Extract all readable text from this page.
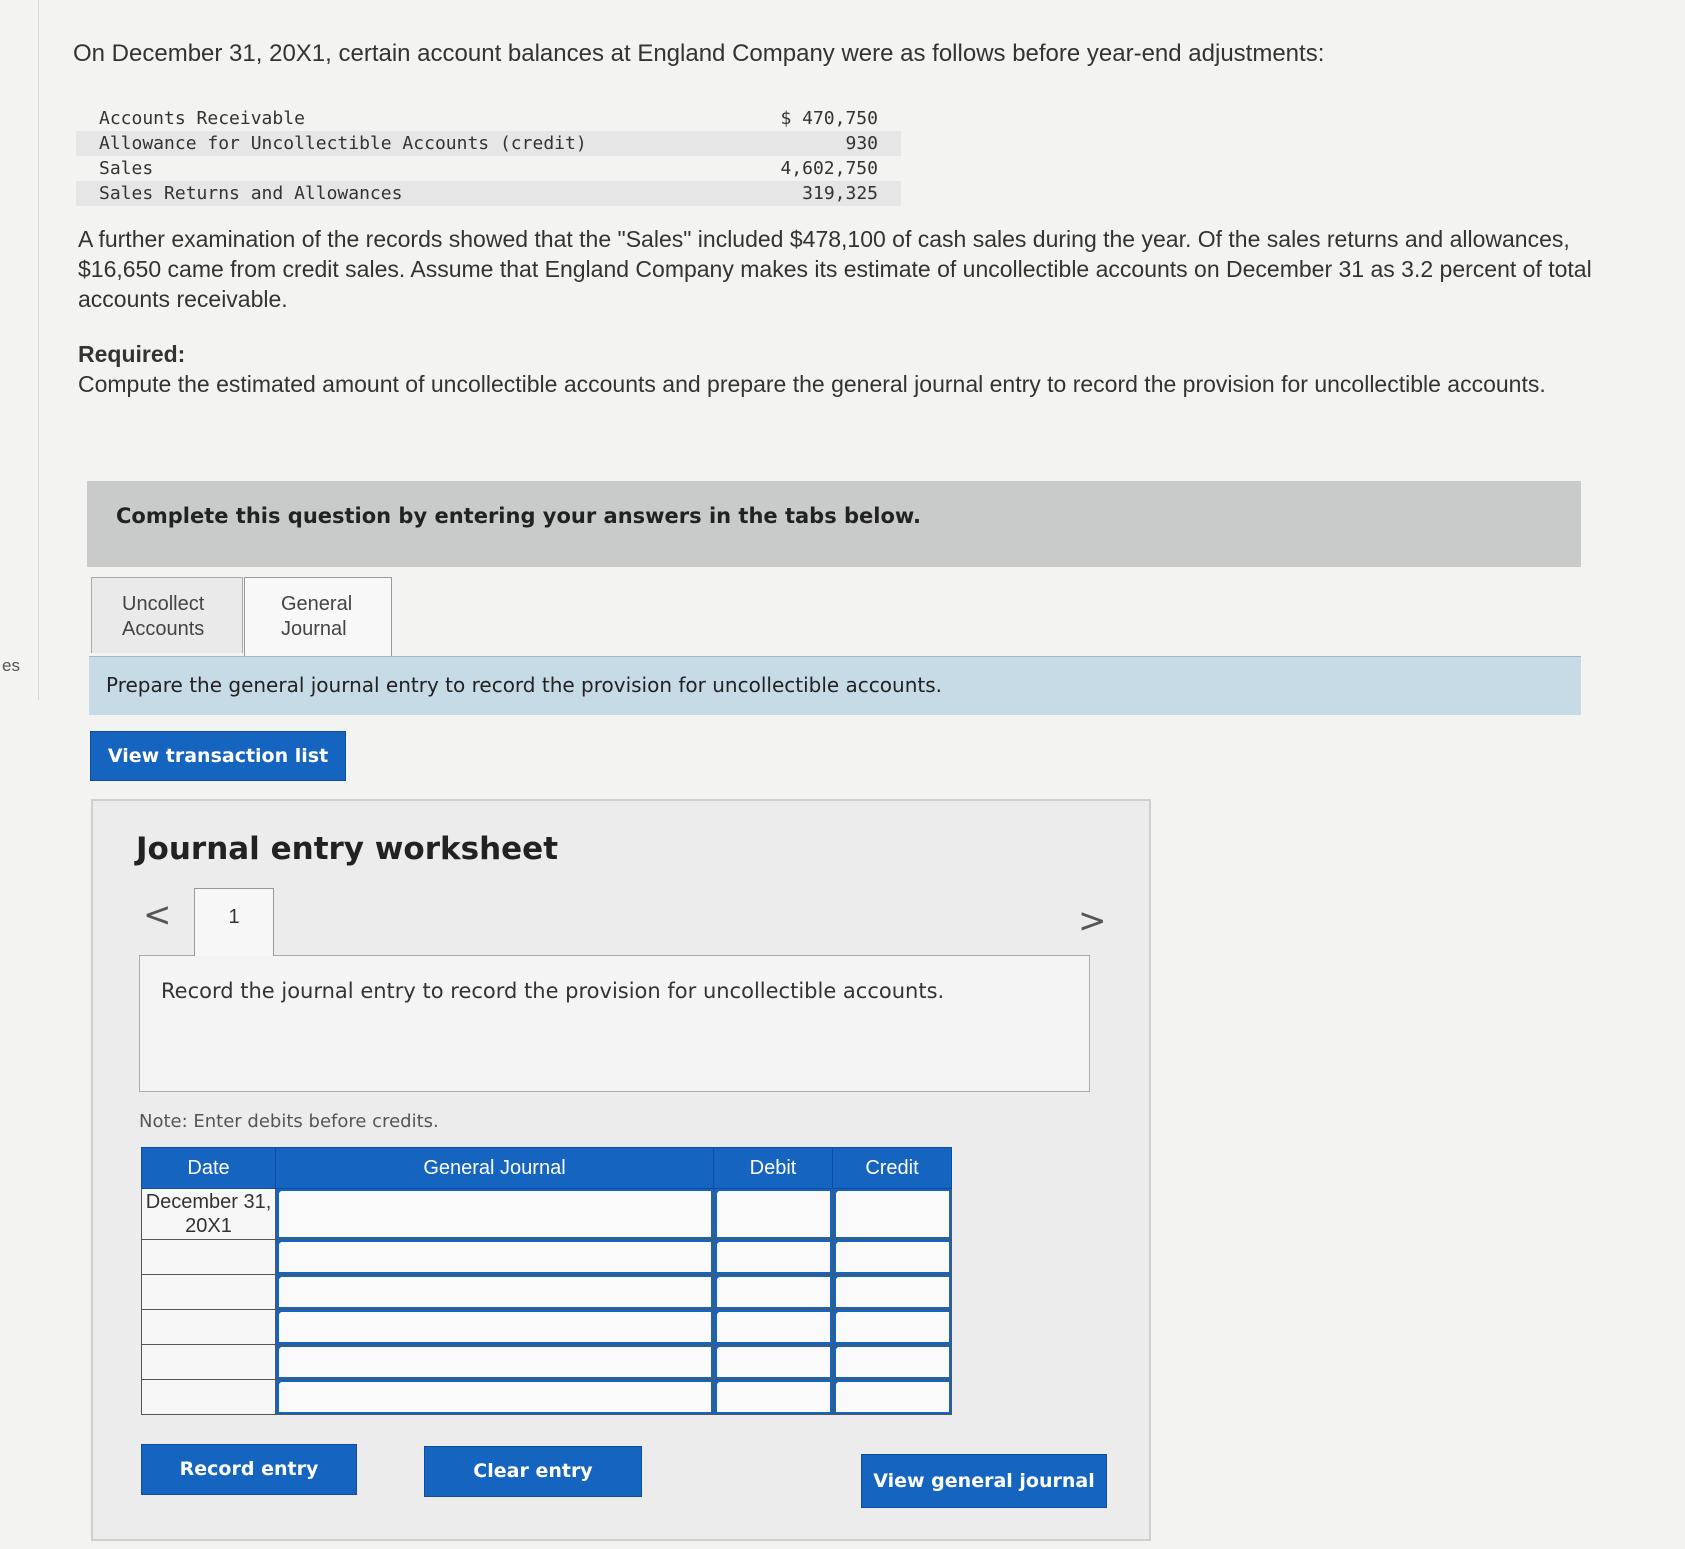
es
On December 31, 20X1, certain account balances at England Company were as follows before year-end adjustments:
Accounts Receivable	$ 470,750
Allowance for Uncollectible Accounts (credit)	930
Sales	4,602,750
Sales Returns and Allowances	319,325
A further examination of the records showed that the "Sales" included $478,100 of cash sales during the year. Of the sales returns and allowances, $16,650 came from credit sales. Assume that England Company makes its estimate of uncollectible accounts on December 31 as 3.2 percent of total accounts receivable.
Required:
Compute the estimated amount of uncollectible accounts and prepare the general journal entry to record the provision for uncollectible accounts.
Complete this question by entering your answers in the tabs below.
Uncollect
Accounts
General
Journal
Prepare the general journal entry to record the provision for uncollectible accounts.
View transaction list
Journal entry worksheet
<	1	>
Record the journal entry to record the provision for uncollectible accounts.
Note: Enter debits before credits.
Date	General Journal	Debit	Credit
December 31, 20X1	

Record entry	Clear entry	View general journal
